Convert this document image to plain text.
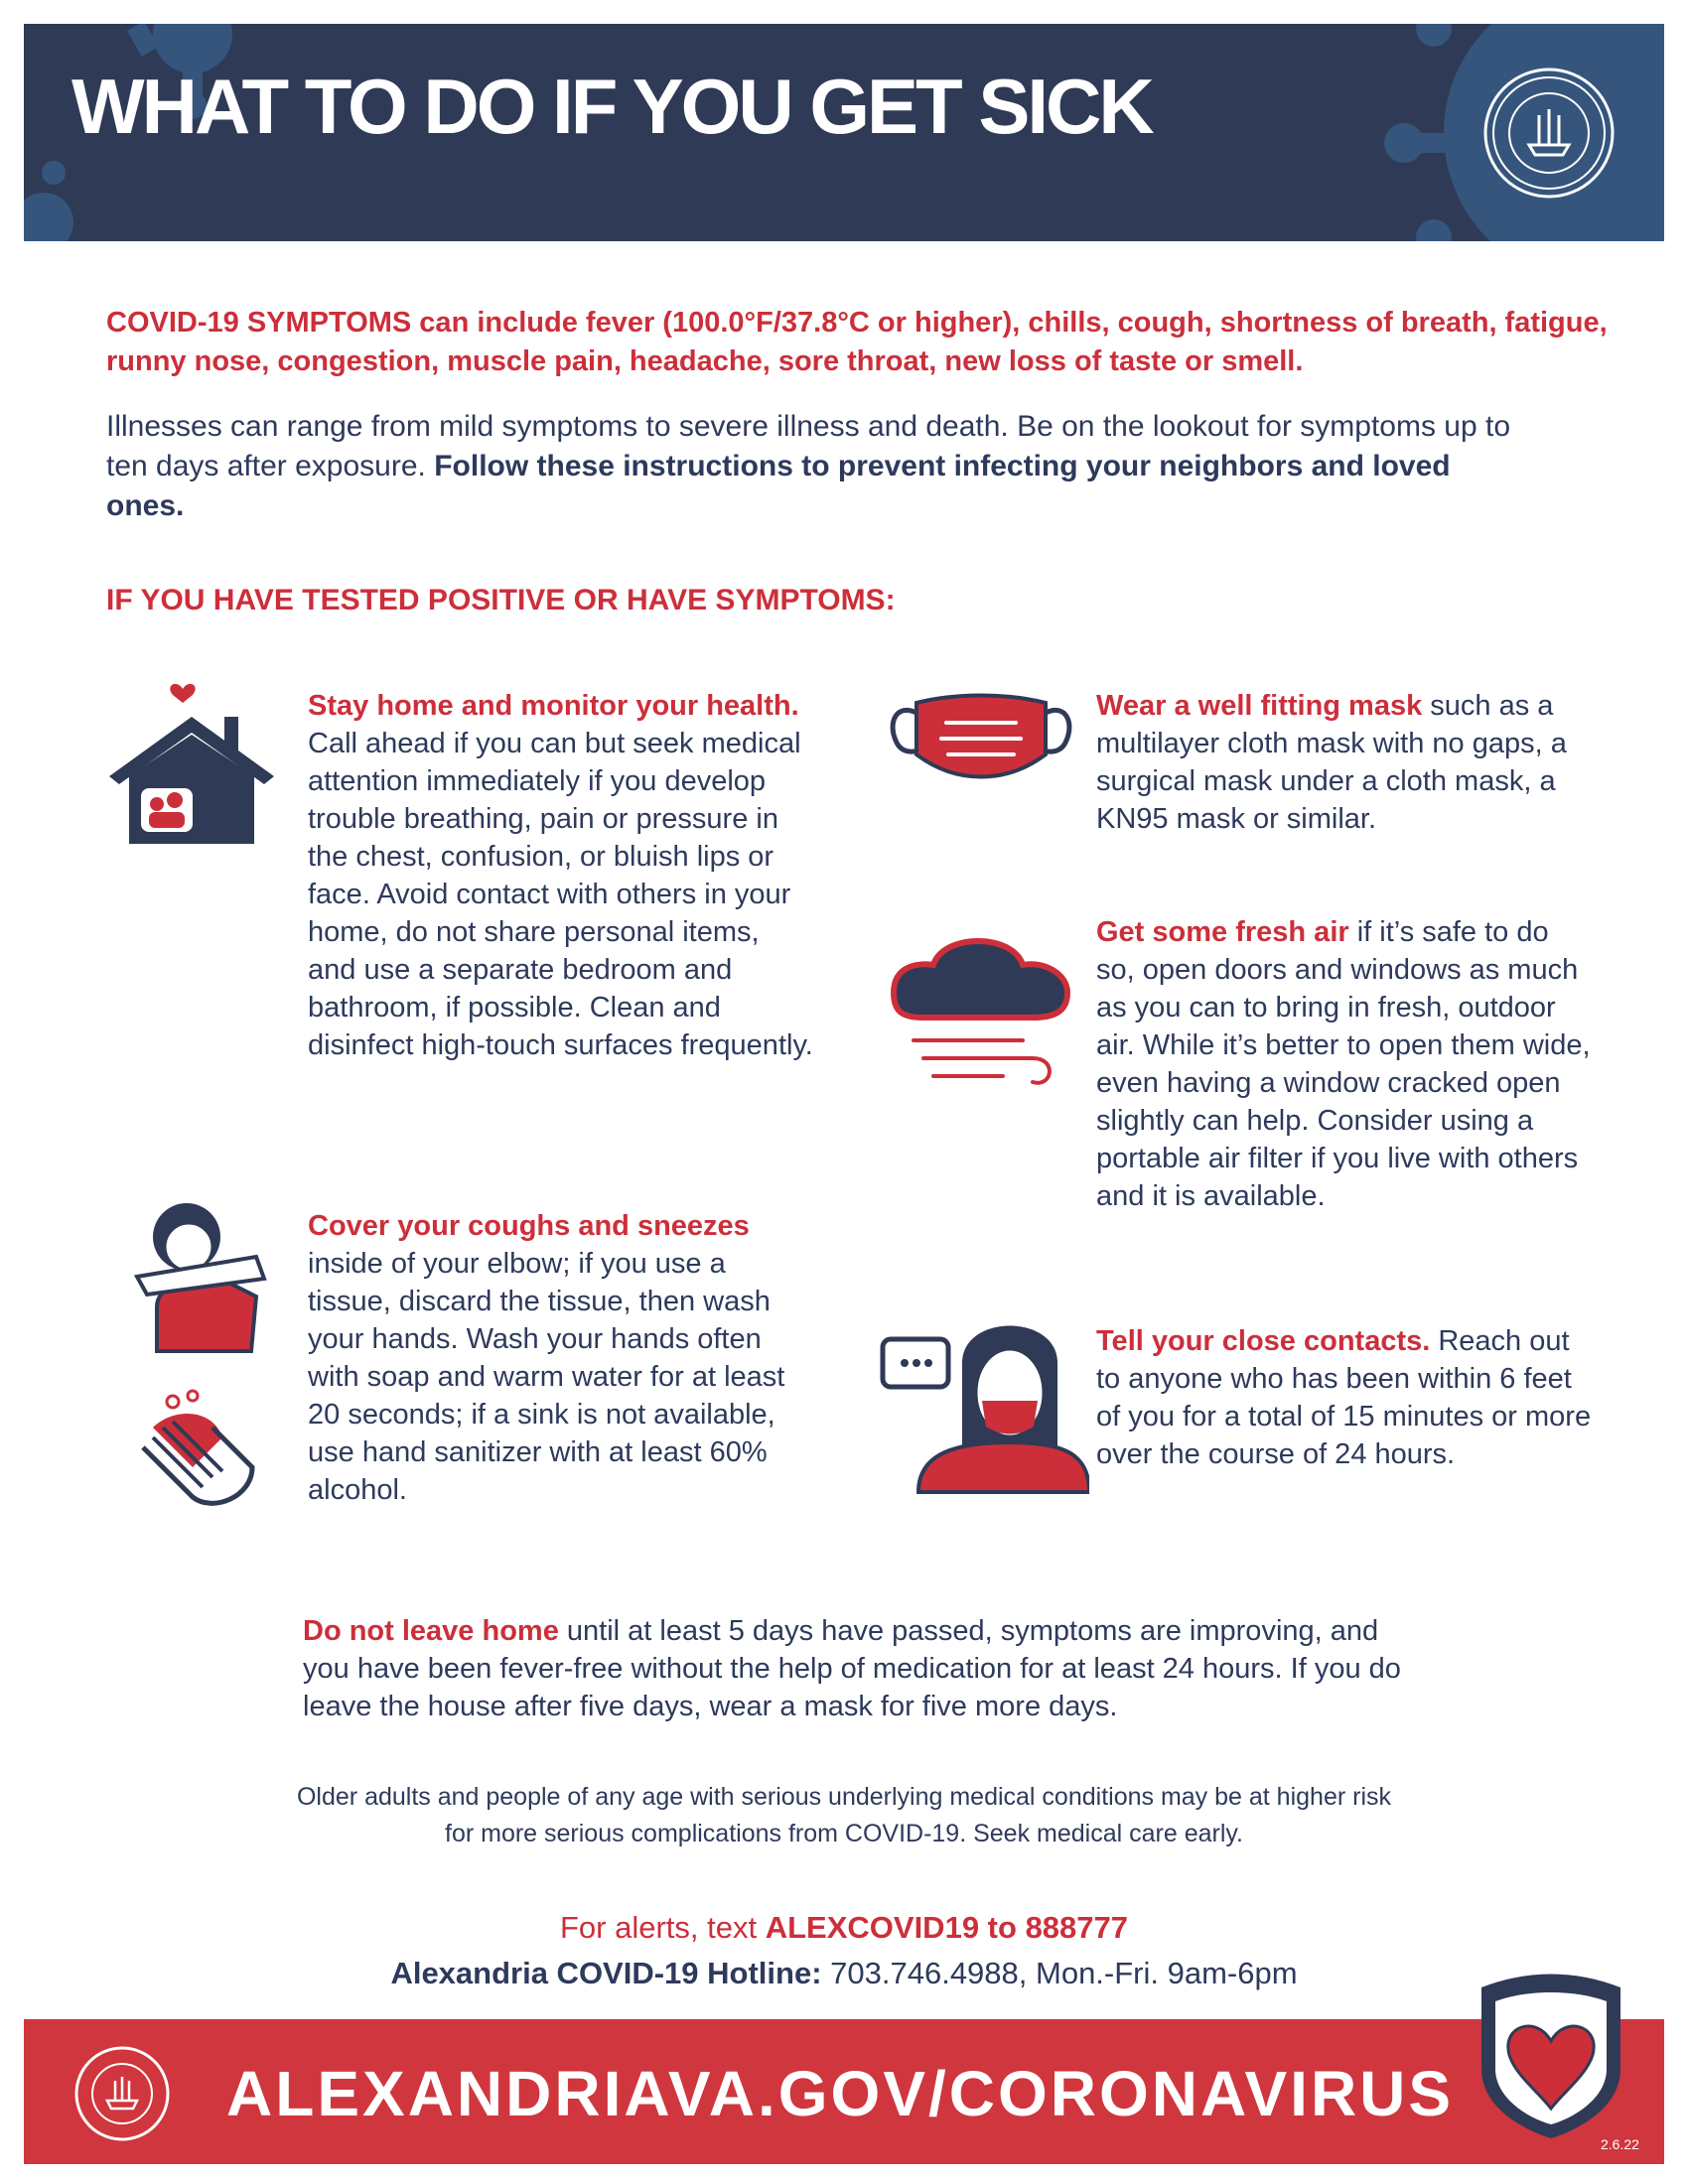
WHAT TO DO IF YOU GET SICK
COVID-19 SYMPTOMS can include fever (100.0°F/37.8°C or higher), chills, cough, shortness of breath, fatigue, runny nose, congestion, muscle pain, headache, sore throat, new loss of taste or smell.
Illnesses can range from mild symptoms to severe illness and death. Be on the lookout for symptoms up to ten days after exposure. Follow these instructions to prevent infecting your neighbors and loved ones.
IF YOU HAVE TESTED POSITIVE OR HAVE SYMPTOMS:
Stay home and monitor your health. Call ahead if you can but seek medical attention immediately if you develop trouble breathing, pain or pressure in the chest, confusion, or bluish lips or face. Avoid contact with others in your home, do not share personal items, and use a separate bedroom and bathroom, if possible. Clean and disinfect high-touch surfaces frequently.
Cover your coughs and sneezes inside of your elbow; if you use a tissue, discard the tissue, then wash your hands. Wash your hands often with soap and warm water for at least 20 seconds; if a sink is not available, use hand sanitizer with at least 60% alcohol.
Wear a well fitting mask such as a multilayer cloth mask with no gaps, a surgical mask under a cloth mask, a KN95 mask or similar.
Get some fresh air if it’s safe to do so, open doors and windows as much as you can to bring in fresh, outdoor air. While it’s better to open them wide, even having a window cracked open slightly can help. Consider using a portable air filter if you live with others and it is available.
Tell your close contacts. Reach out to anyone who has been within 6 feet of you for a total of 15 minutes or more over the course of 24 hours.
Do not leave home until at least 5 days have passed, symptoms are improving, and you have been fever-free without the help of medication for at least 24 hours. If you do leave the house after five days, wear a mask for five more days.
Older adults and people of any age with serious underlying medical conditions may be at higher risk for more serious complications from COVID-19. Seek medical care early.
For alerts, text ALEXCOVID19 to 888777
Alexandria COVID-19 Hotline: 703.746.4988, Mon.-Fri. 9am-6pm
ALEXANDRIAVA.GOV/CORONAVIRUS
2.6.22
